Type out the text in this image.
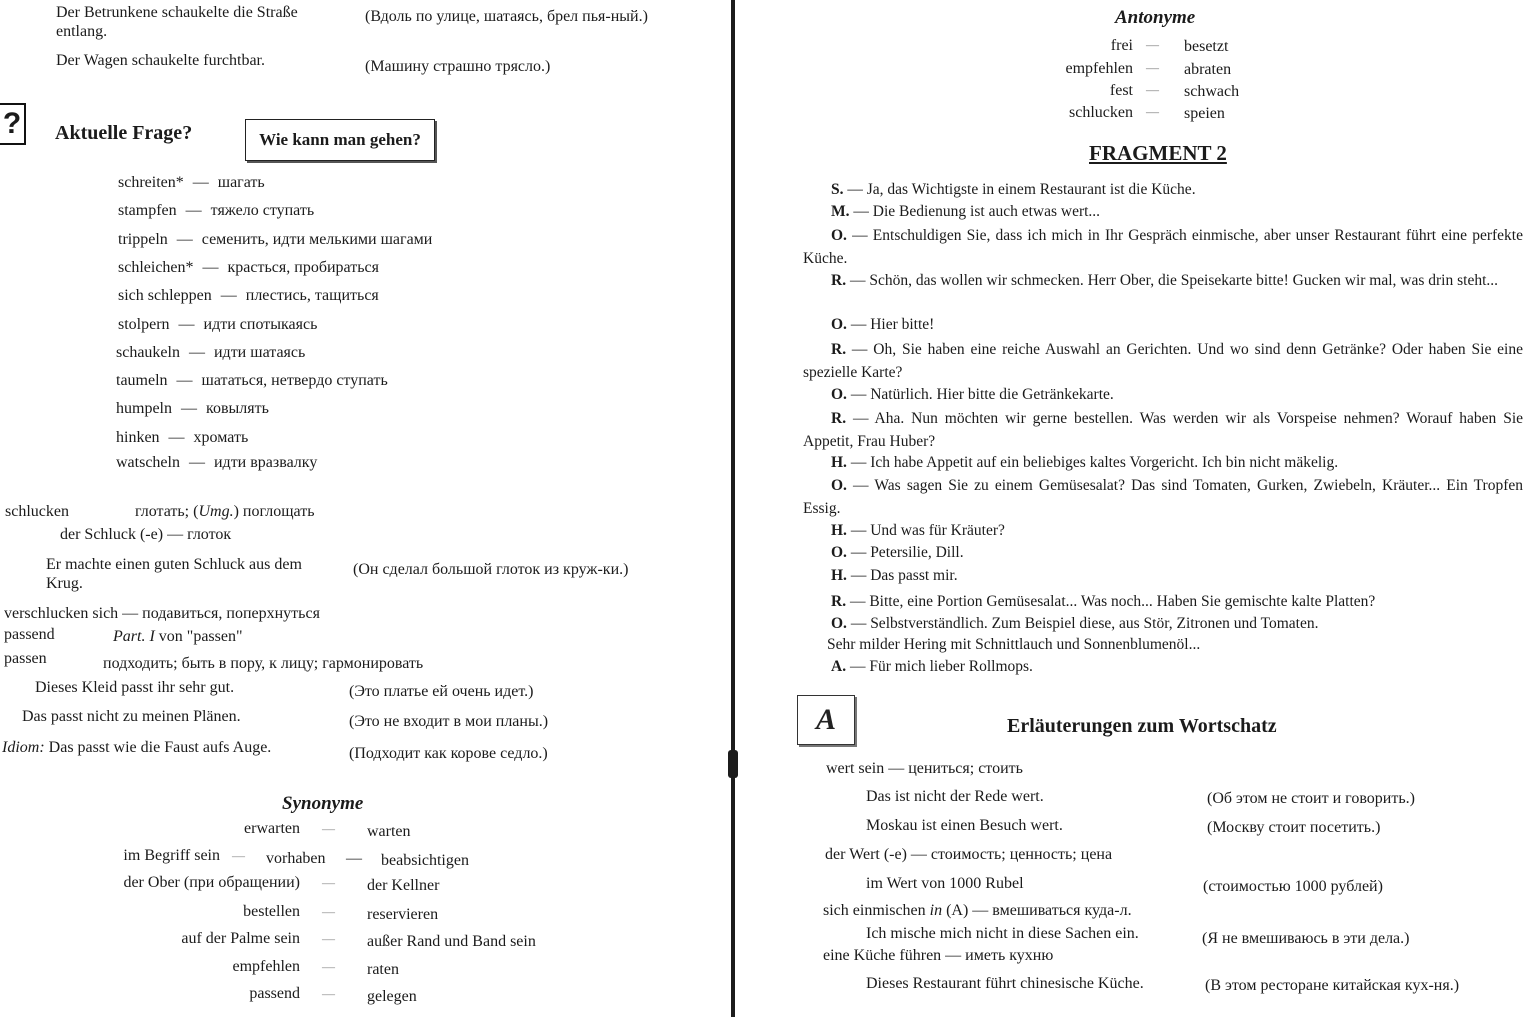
Der Betrunkene schaukelte die Straße entlang.
(Вдоль по улице, шатаясь, брел пья-ный.)
Der Wagen schaukelte furchtbar.	(Машину страшно трясло.)
? Aktuelle Frage?	Wie kann man gehen?
schreiten* — шагать
stampfen — тяжело ступать
trippeln — семенить, идти мелькими шагами
schleichen* — красться, пробираться
sich schleppen — плестись, тащиться
stolpern — идти спотыкаясь
schaukeln — идти шатаясь
taumeln — шататься, нетвердо ступать
humpeln — ковылять
hinken — хромать
watscheln — идти вразвалку
schlucken	глотать; (Umg.) поглощать
der Schluck (-e) — глоток
Er machte einen guten Schluck aus dem Krug.
(Он сделал большой глоток из круж-ки.)
verschlucken sich — подавиться, поперхнуться
passend	Part. I von "passen"
passen	подходить; быть в пору, к лицу; гармонировать
Dieses Kleid passt ihr sehr gut.	(Это платье ей очень идет.)
Das passt nicht zu meinen Plänen.	(Это не входит в мои планы.)
Idiom: Das passt wie die Faust aufs Auge.	(Подходит как корове седло.)
Synonyme
erwarten — warten
im Begriff sein — vorhaben — beabsichtigen
der Ober (при обращении) — der Kellner
bestellen — reservieren
auf der Palme sein — außer Rand und Band sein
empfehlen — raten
passend — gelegen
Antonyme
frei — besetzt
empfehlen — abraten
fest — schwach
schlucken — speien
FRAGMENT 2
S. — Ja, das Wichtigste in einem Restaurant ist die Küche.
M. — Die Bedienung ist auch etwas wert...
O. — Entschuldigen Sie, dass ich mich in Ihr Gespräch einmische, aber unser Restaurant führt eine perfekte Küche.
R. — Schön, das wollen wir schmecken. Herr Ober, die Speisekarte bitte! Gucken wir mal, was drin steht...
O. — Hier bitte!
R. — Oh, Sie haben eine reiche Auswahl an Gerichten. Und wo sind denn Getränke? Oder haben Sie eine spezielle Karte?
O. — Natürlich. Hier bitte die Getränkekarte.
R. — Aha. Nun möchten wir gerne bestellen. Was werden wir als Vorspeise nehmen? Worauf haben Sie Appetit, Frau Huber?
H. — Ich habe Appetit auf ein beliebiges kaltes Vorgericht. Ich bin nicht mäkelig.
O. — Was sagen Sie zu einem Gemüsesalat? Das sind Tomaten, Gurken, Zwiebeln, Kräuter... Ein Tropfen Essig.
H. — Und was für Kräuter?
O. — Petersilie, Dill.
H. — Das passt mir.
R. — Bitte, eine Portion Gemüsesalat... Was noch... Haben Sie gemischte kalte Platten?
O. — Selbstverständlich. Zum Beispiel diese, aus Stör, Zitronen und Tomaten.
Sehr milder Hering mit Schnittlauch und Sonnenblumenöl...
A. — Für mich lieber Rollmops.
A	Erläuterungen zum Wortschatz
wert sein — цениться; стоить
Das ist nicht der Rede wert.	(Об этом не стоит и говорить.)
Moskau ist einen Besuch wert.	(Москву стоит посетить.)
der Wert (-e) — стоимость; ценность; цена
im Wert von 1000 Rubel	(стоимостью 1000 рублей)
sich einmischen in (A) — вмешиваться куда-л.
Ich mische mich nicht in diese Sachen ein.	(Я не вмешиваюсь в эти дела.)
eine Küche führen — иметь кухню
Dieses Restaurant führt chinesische Küche.	(В этом ресторане китайская кух-ня.)
